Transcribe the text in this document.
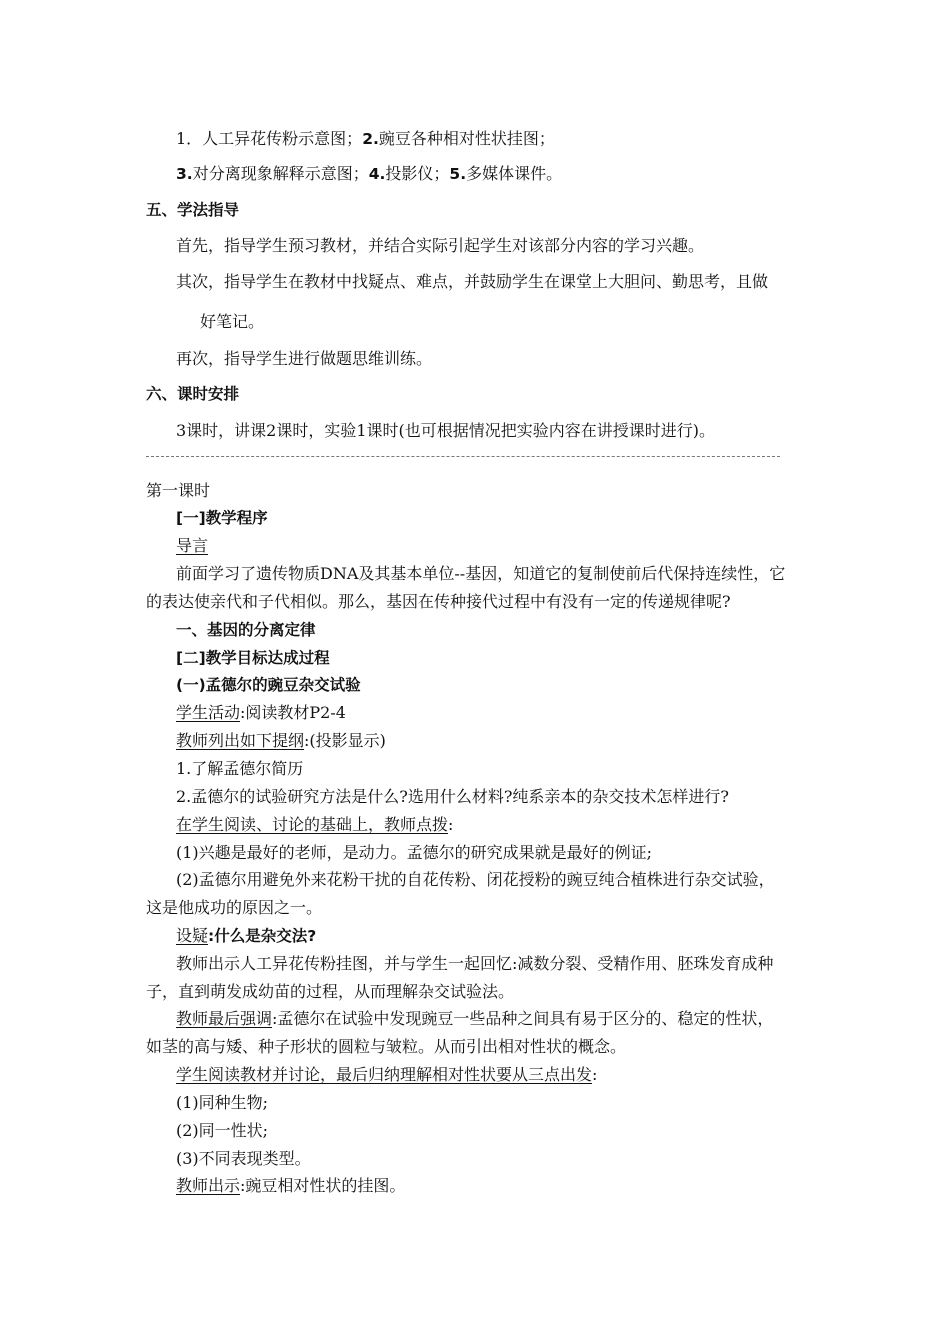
1．人工异花传粉示意图；2.豌豆各种相对性状挂图；
3.对分离现象解释示意图；4.投影仪；5.多媒体课件。
五、学法指导
首先，指导学生预习教材，并结合实际引起学生对该部分内容的学习兴趣。
其次，指导学生在教材中找疑点、难点，并鼓励学生在课堂上大胆问、勤思考，且做
好笔记。
再次，指导学生进行做题思维训练。
六、课时安排
3课时，讲课2课时，实验1课时(也可根据情况把实验内容在讲授课时进行)。
第一课时
[一]教学程序
导言
前面学习了遗传物质DNA及其基本单位--基因，知道它的复制使前后代保持连续性，它
的表达使亲代和子代相似。那么，基因在传种接代过程中有没有一定的传递规律呢?
一、基因的分离定律
[二]教学目标达成过程
(一)孟德尔的豌豆杂交试验
学生活动:阅读教材P2-4
教师列出如下提纲:(投影显示)
1.了解孟德尔简历
2.孟德尔的试验研究方法是什么?选用什么材料?纯系亲本的杂交技术怎样进行?
在学生阅读、讨论的基础上，教师点拨:
(1)兴趣是最好的老师，是动力。孟德尔的研究成果就是最好的例证;
(2)孟德尔用避免外来花粉干扰的自花传粉、闭花授粉的豌豆纯合植株进行杂交试验，
这是他成功的原因之一。
设疑:什么是杂交法?
教师出示人工异花传粉挂图，并与学生一起回忆:减数分裂、受精作用、胚珠发育成种
子，直到萌发成幼苗的过程，从而理解杂交试验法。
教师最后强调:孟德尔在试验中发现豌豆一些品种之间具有易于区分的、稳定的性状，
如茎的高与矮、种子形状的圆粒与皱粒。从而引出相对性状的概念。
学生阅读教材并讨论，最后归纳理解相对性状要从三点出发:
(1)同种生物;
(2)同一性状;
(3)不同表现类型。
教师出示:豌豆相对性状的挂图。
